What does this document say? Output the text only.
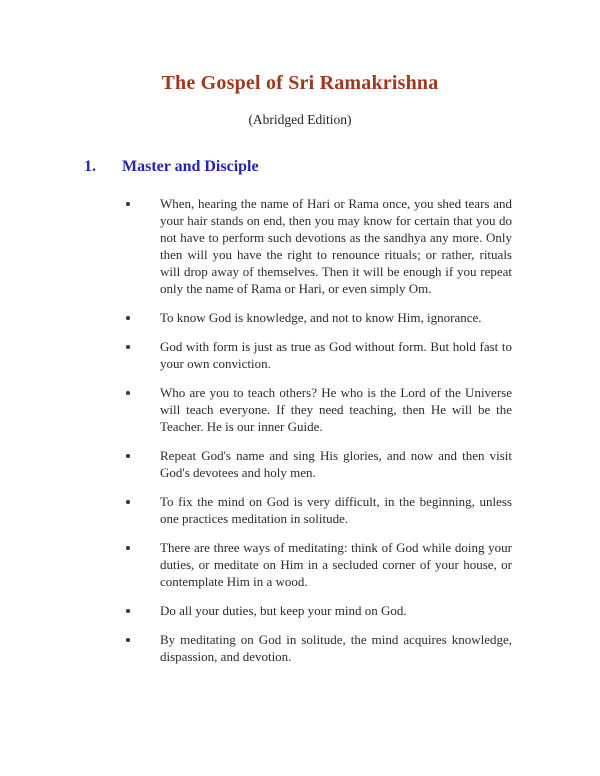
The Gospel of Sri Ramakrishna
(Abridged Edition)
1.	Master and Disciple
When, hearing the name of Hari or Rama once, you shed tears and your hair stands on end, then you may know for certain that you do not have to perform such devotions as the sandhya any more. Only then will you have the right to renounce rituals; or rather, rituals will drop away of themselves. Then it will be enough if you repeat only the name of Rama or Hari, or even simply Om.
To know God is knowledge, and not to know Him, ignorance.
God with form is just as true as God without form. But hold fast to your own conviction.
Who are you to teach others? He who is the Lord of the Universe will teach everyone. If they need teaching, then He will be the Teacher. He is our inner Guide.
Repeat God's name and sing His glories, and now and then visit God's devotees and holy men.
To fix the mind on God is very difficult, in the beginning, unless one practices meditation in solitude.
There are three ways of meditating: think of God while doing your duties, or meditate on Him in a secluded corner of your house, or contemplate Him in a wood.
Do all your duties, but keep your mind on God.
By meditating on God in solitude, the mind acquires knowledge, dispassion, and devotion.
